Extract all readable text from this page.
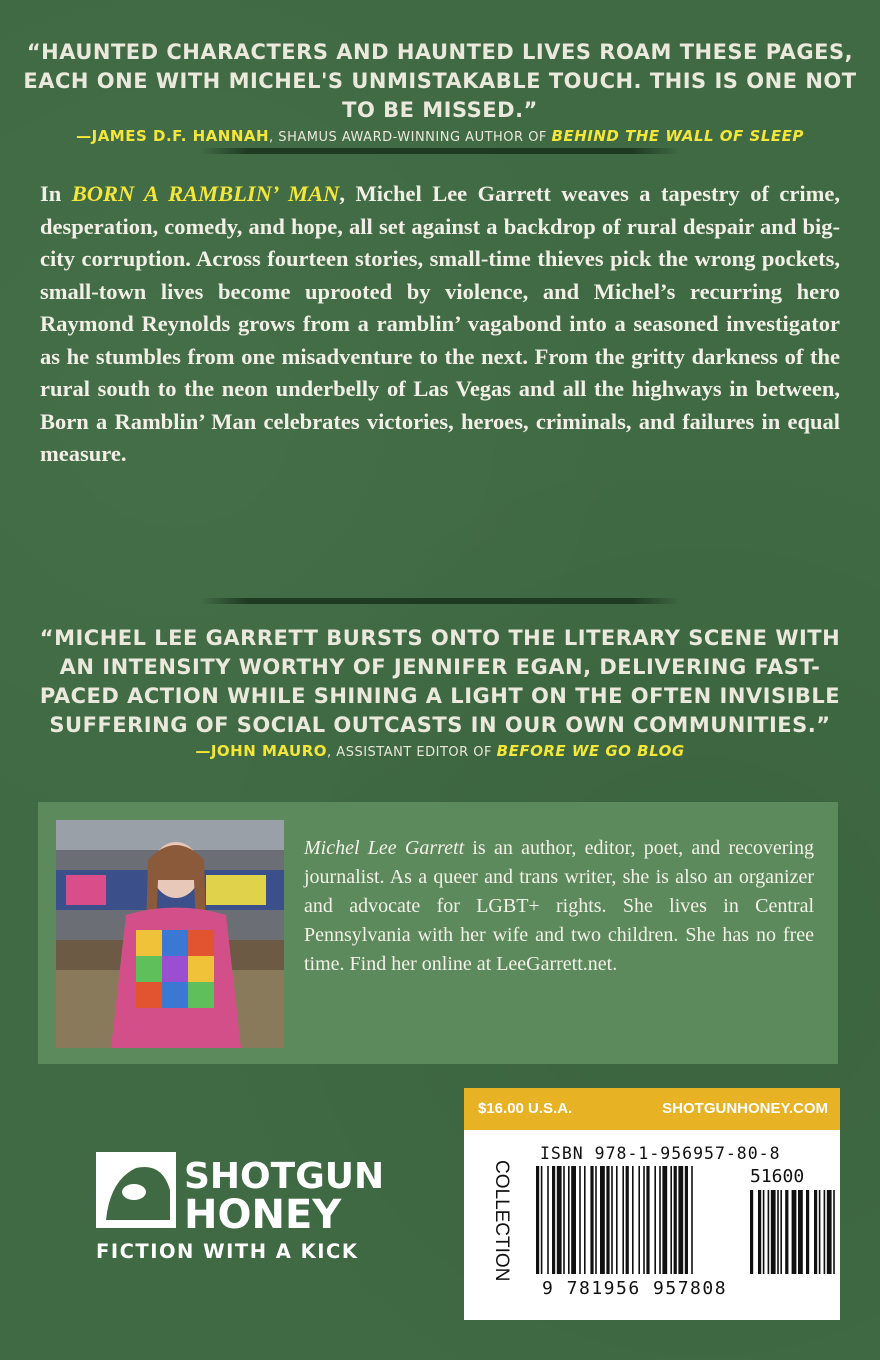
“HAUNTED CHARACTERS AND HAUNTED LIVES ROAM THESE PAGES, EACH ONE WITH MICHEL'S UNMISTAKABLE TOUCH. THIS IS ONE NOT TO BE MISSED.”
—JAMES D.F. HANNAH, SHAMUS AWARD-WINNING AUTHOR OF BEHIND THE WALL OF SLEEP
In BORN A RAMBLIN’ MAN, Michel Lee Garrett weaves a tapestry of crime, desperation, comedy, and hope, all set against a backdrop of rural despair and big-city corruption. Across fourteen stories, small-time thieves pick the wrong pockets, small-town lives become uprooted by violence, and Michel’s recurring hero Raymond Reynolds grows from a ramblin’ vagabond into a seasoned investigator as he stumbles from one misadventure to the next. From the gritty darkness of the rural south to the neon underbelly of Las Vegas and all the highways in between, Born a Ramblin’ Man celebrates victories, heroes, criminals, and failures in equal measure.
“MICHEL LEE GARRETT BURSTS ONTO THE LITERARY SCENE WITH AN INTENSITY WORTHY OF JENNIFER EGAN, DELIVERING FAST-PACED ACTION WHILE SHINING A LIGHT ON THE OFTEN INVISIBLE SUFFERING OF SOCIAL OUTCASTS IN OUR OWN COMMUNITIES.”
—JOHN MAURO, ASSISTANT EDITOR OF BEFORE WE GO BLOG
Michel Lee Garrett is an author, editor, poet, and recovering journalist. As a queer and trans writer, she is also an organizer and advocate for LGBT+ rights. She lives in Central Pennsylvania with her wife and two children. She has no free time. Find her online at LeeGarrett.net.
SHOTGUN
HONEY
FICTION WITH A KICK
$16.00 U.S.A.	SHOTGUNHONEY.COM
COLLECTION
ISBN 978-1-956957-80-8
51600
9 781956 957808
